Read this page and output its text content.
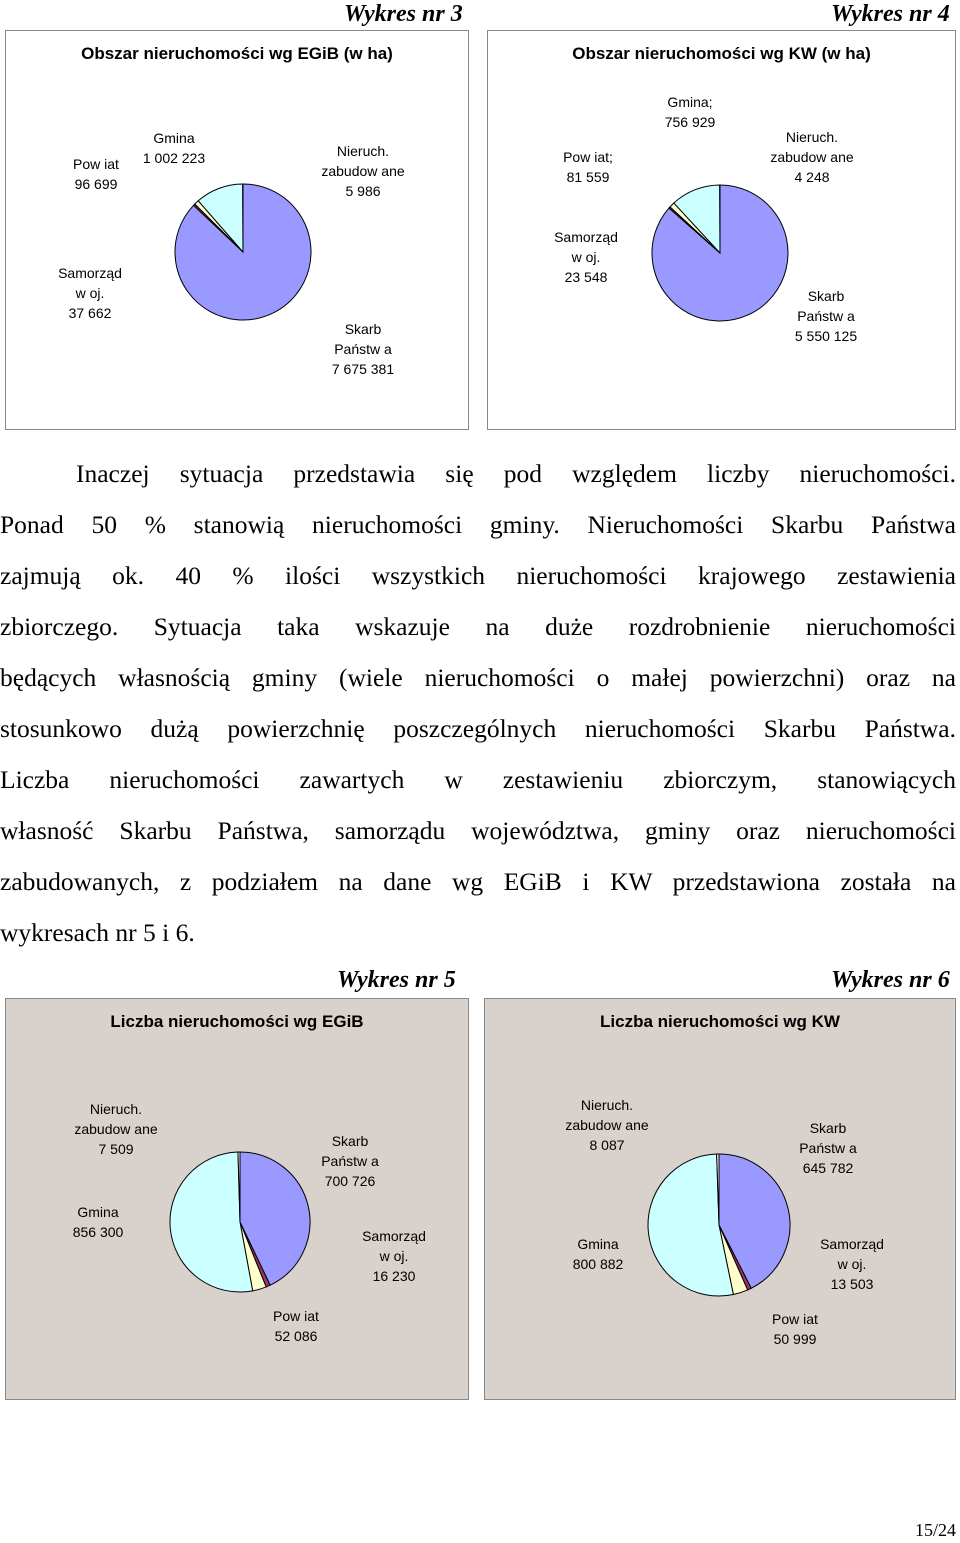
Wykres nr 3	Wykres nr 4
Obszar nieruchomości wg EGiB (w ha)
Skarb
Państw a
7 675 381
Samorząd
w oj.
37 662
Pow iat
96 699
Gmina
1 002 223	Nieruch.
zabudow ane
5 986
Obszar nieruchomości wg KW (w ha)
Skarb
Państw a
5 550 125
Samorząd
w oj.
23 548
Pow iat;
81 559
Gmina;
756 929
Nieruch.
zabudow ane
4 248
Inaczej sytuacja przedstawia się pod względem liczby nieruchomości.
Ponad 50 % stanowią nieruchomości gminy. Nieruchomości Skarbu Państwa
zajmują ok. 40 % ilości wszystkich nieruchomości krajowego zestawienia
zbiorczego. Sytuacja taka wskazuje na duże rozdrobnienie nieruchomości
będących własnością gminy (wiele nieruchomości o małej powierzchni) oraz na
stosunkowo dużą powierzchnię poszczególnych nieruchomości Skarbu Państwa.
Liczba nieruchomości zawartych w zestawieniu zbiorczym, stanowiących
własność Skarbu Państwa, samorządu województwa, gminy oraz nieruchomości
zabudowanych, z podziałem na dane wg EGiB i KW przedstawiona została na
wykresach nr 5 i 6.
Wykres nr 5	Wykres nr 6
Liczba nieruchomości wg EGiB
Skarb
Państw a
700 726
Samorząd
w oj.
16 230
Pow iat
52 086
Gmina
856 300
Nieruch.
zabudow ane
7 509
Liczba nieruchomości wg KW
Skarb
Państw a
645 782
Samorząd
w oj.
13 503
Pow iat
50 999
Gmina
800 882
Nieruch.
zabudow ane
8 087
15/24
